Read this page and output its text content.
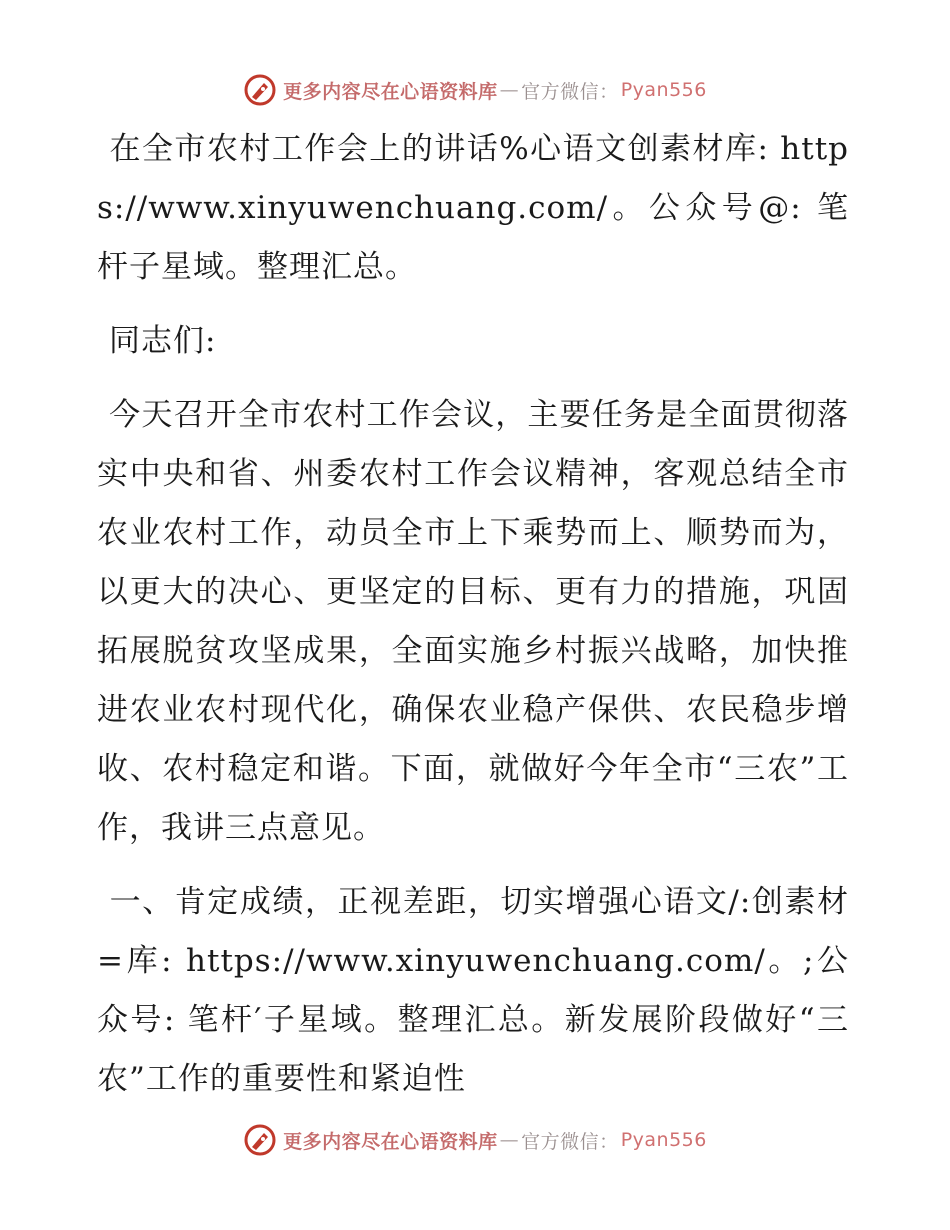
更多内容尽在心语资料库 — 官方微信： Pyan556

在全市农村工作会上的讲话%心语文创素材库: https://www.xinyuwenchuang.com/。公众号@: 笔杆子星域。整理汇总。

同志们:

今天召开全市农村工作会议，主要任务是全面贯彻落实中央和省、州委农村工作会议精神，客观总结全市农业农村工作，动员全市上下乘势而上、顺势而为，以更大的决心、更坚定的目标、更有力的措施，巩固拓展脱贫攻坚成果，全面实施乡村振兴战略，加快推进农业农村现代化，确保农业稳产保供、农民稳步增收、农村稳定和谐。下面，就做好今年全市“三农”工作，我讲三点意见。

一、肯定成绩，正视差距，切实增强心语文/:创素材=库: https://www.xinyuwenchuang.com/。;公众号: 笔杆′子星域。整理汇总。新发展阶段做好“三农”工作的重要性和紧迫性

更多内容尽在心语资料库 — 官方微信： Pyan556
